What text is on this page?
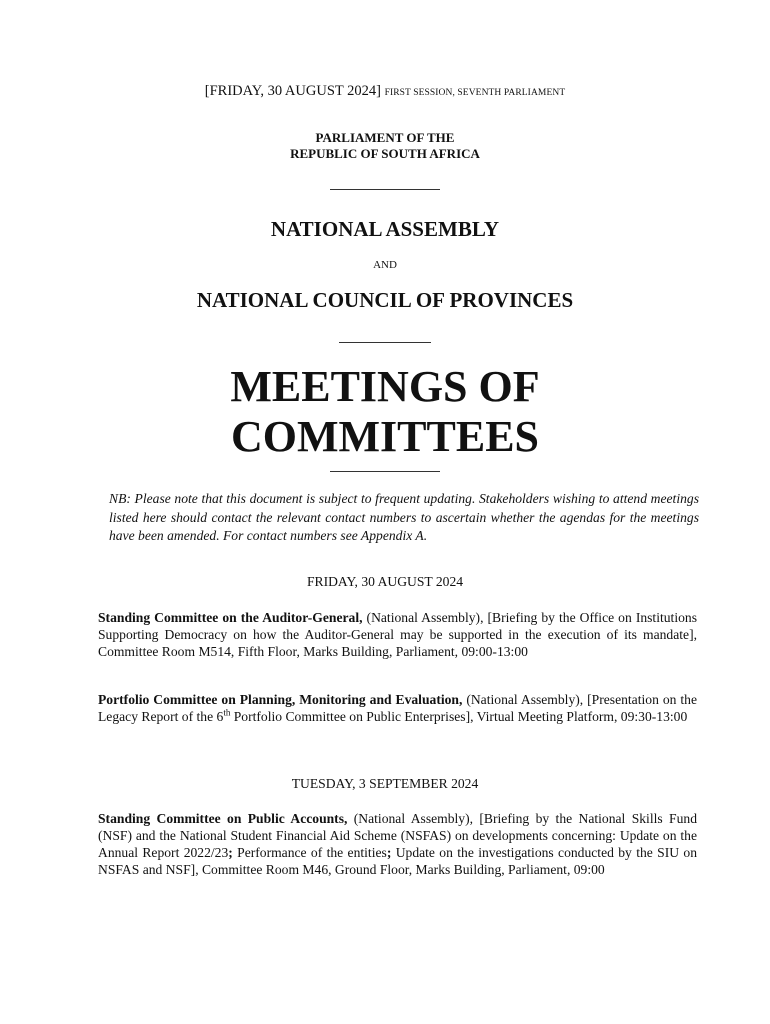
[FRIDAY, 30 AUGUST 2024] FIRST SESSION, SEVENTH PARLIAMENT
PARLIAMENT OF THE
REPUBLIC OF SOUTH AFRICA
NATIONAL ASSEMBLY
AND
NATIONAL COUNCIL OF PROVINCES
MEETINGS OF
COMMITTEES
NB: Please note that this document is subject to frequent updating. Stakeholders wishing to attend meetings listed here should contact the relevant contact numbers to ascertain whether the agendas for the meetings have been amended. For contact numbers see Appendix A.
FRIDAY, 30 AUGUST 2024
Standing Committee on the Auditor-General, (National Assembly), [Briefing by the Office on Institutions Supporting Democracy on how the Auditor-General may be supported in the execution of its mandate], Committee Room M514, Fifth Floor, Marks Building, Parliament, 09:00-13:00
Portfolio Committee on Planning, Monitoring and Evaluation, (National Assembly), [Presentation on the Legacy Report of the 6th Portfolio Committee on Public Enterprises], Virtual Meeting Platform, 09:30-13:00
TUESDAY, 3 SEPTEMBER 2024
Standing Committee on Public Accounts, (National Assembly), [Briefing by the National Skills Fund (NSF) and the National Student Financial Aid Scheme (NSFAS) on developments concerning: Update on the Annual Report 2022/23; Performance of the entities; Update on the investigations conducted by the SIU on NSFAS and NSF], Committee Room M46, Ground Floor, Marks Building, Parliament, 09:00
